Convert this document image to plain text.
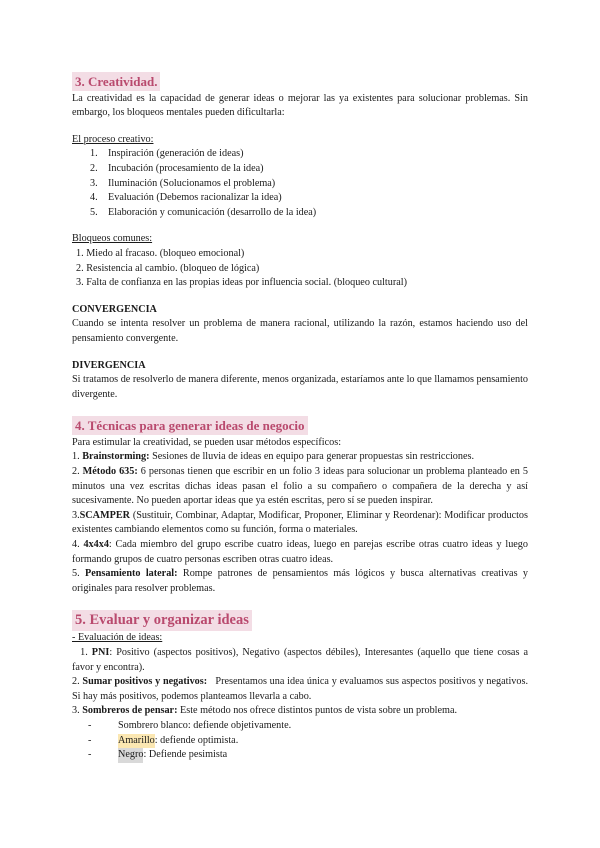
3. Creatividad.

La creatividad es la capacidad de generar ideas o mejorar las ya existentes para solucionar problemas. Sin embargo, los bloqueos mentales pueden dificultarla:

El proceso creativo:
1. Inspiración (generación de ideas)
2. Incubación (procesamiento de la idea)
3. Iluminación (Solucionamos el problema)
4. Evaluación (Debemos racionalizar la idea)
5. Elaboración y comunicación (desarrollo de la idea)
Bloqueos comunes:
1. Miedo al fracaso. (bloqueo emocional)
2. Resistencia al cambio. (bloqueo de lógica)
3. Falta de confianza en las propias ideas por influencia social. (bloqueo cultural)
CONVERGENCIA

Cuando se intenta resolver un problema de manera racional, utilizando la razón, estamos haciendo uso del pensamiento convergente.

DIVERGENCIA

Si tratamos de resolverlo de manera diferente, menos organizada, estaríamos ante lo que llamamos pensamiento divergente.

4. Técnicas para generar ideas de negocio

Para estimular la creatividad, se pueden usar métodos específicos:

1. Brainstorming: Sesiones de lluvia de ideas en equipo para generar propuestas sin restricciones.

2. Método 635: 6 personas tienen que escribir en un folio 3 ideas para solucionar un problema planteado en 5 minutos una vez escritas dichas ideas pasan el folio a su compañero o compañera de la derecha y así sucesivamente. No pueden aportar ideas que ya estén escritas, pero sí se pueden inspirar.

3.SCAMPER (Sustituir, Combinar, Adaptar, Modificar, Proponer, Eliminar y Reordenar): Modificar productos existentes cambiando elementos como su función, forma o materiales.

4. 4x4x4: Cada miembro del grupo escribe cuatro ideas, luego en parejas escribe otras cuatro ideas y luego formando grupos de cuatro personas escriben otras cuatro ideas.

5. Pensamiento lateral: Rompe patrones de pensamientos más lógicos y busca alternativas creativas y originales para resolver problemas.

5. Evaluar y organizar ideas
- Evaluación de ideas:

1. PNI: Positivo (aspectos positivos), Negativo (aspectos débiles), Interesantes (aquello que tiene cosas a favor y encontra).

2. Sumar positivos y negativos:   Presentamos una idea única y evaluamos sus aspectos positivos y negativos. Si hay más positivos, podemos planteamos llevarla a cabo.

3. Sombreros de pensar: Este método nos ofrece distintos puntos de vista sobre un problema.

-	Sombrero blanco : defiende objetivamente.
-	Amarillo : defiende optimista.
-	Negro : Defiende pesimista
